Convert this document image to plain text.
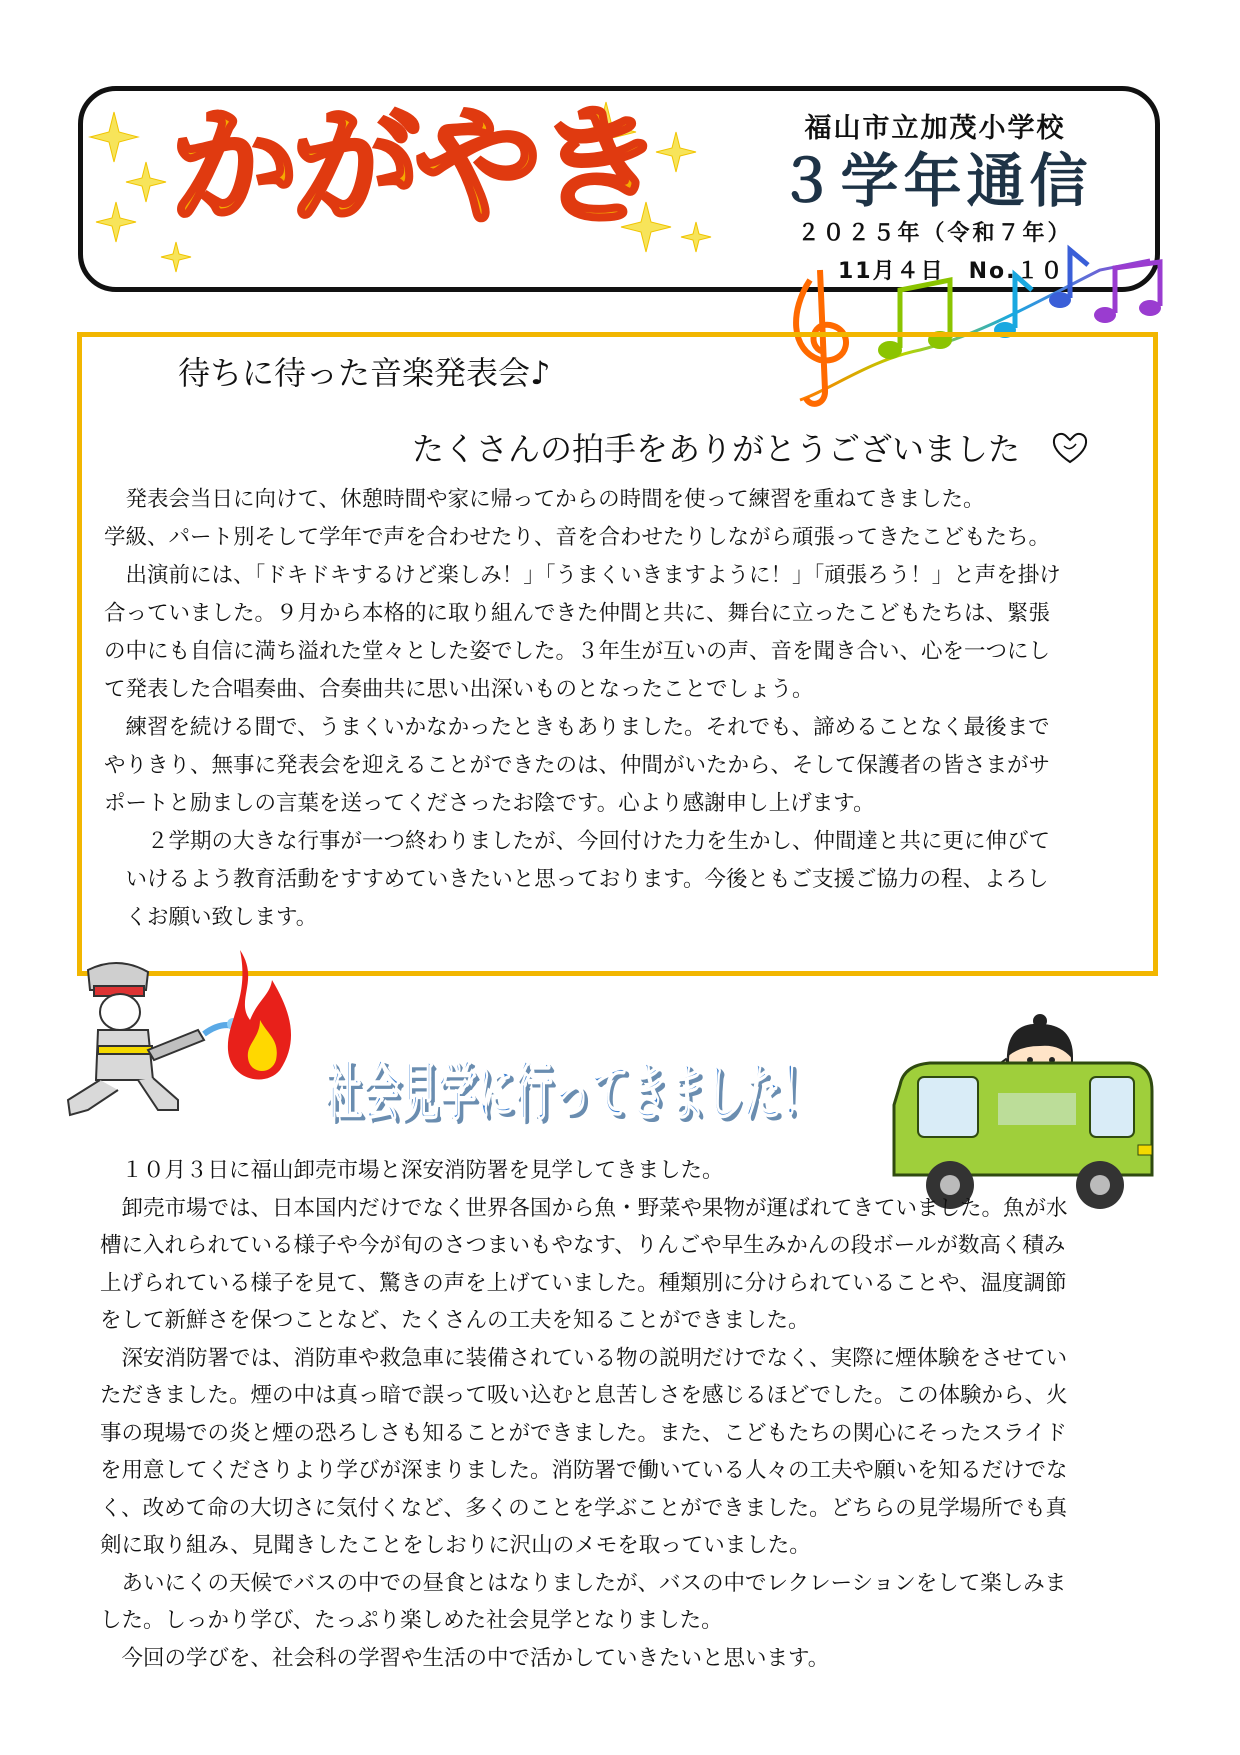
かがやき	福山市立加茂小学校
３学年通信
２０２５年（令和７年）
11月４日　No.１０
待ちに待った音楽発表会♪
たくさんの拍手をありがとうございました
　発表会当日に向けて、休憩時間や家に帰ってからの時間を使って練習を重ねてきました。
学級、パート別そして学年で声を合わせたり、音を合わせたりしながら頑張ってきたこどもたち。
　出演前には、「ドキドキするけど楽しみ！」「うまくいきますように！」「頑張ろう！」と声を掛け
合っていました。９月から本格的に取り組んできた仲間と共に、舞台に立ったこどもたちは、緊張
の中にも自信に満ち溢れた堂々とした姿でした。３年生が互いの声、音を聞き合い、心を一つにし
て発表した合唱奏曲、合奏曲共に思い出深いものとなったことでしょう。
　練習を続ける間で、うまくいかなかったときもありました。それでも、諦めることなく最後まで
やりきり、無事に発表会を迎えることができたのは、仲間がいたから、そして保護者の皆さまがサ
ポートと励ましの言葉を送ってくださったお陰です。心より感謝申し上げます。
　　２学期の大きな行事が一つ終わりましたが、今回付けた力を生かし、仲間達と共に更に伸びて
　いけるよう教育活動をすすめていきたいと思っております。今後ともご支援ご協力の程、よろし
　くお願い致します。
社会見学に行ってきました！
社会見学に行ってきました！
　１０月３日に福山卸売市場と深安消防署を見学してきました。
　卸売市場では、日本国内だけでなく世界各国から魚・野菜や果物が運ばれてきていました。魚が水
槽に入れられている様子や今が旬のさつまいもやなす、りんごや早生みかんの段ボールが数高く積み
上げられている様子を見て、驚きの声を上げていました。種類別に分けられていることや、温度調節
をして新鮮さを保つことなど、たくさんの工夫を知ることができました。
　深安消防署では、消防車や救急車に装備されている物の説明だけでなく、実際に煙体験をさせてい
ただきました。煙の中は真っ暗で誤って吸い込むと息苦しさを感じるほどでした。この体験から、火
事の現場での炎と煙の恐ろしさも知ることができました。また、こどもたちの関心にそったスライド
を用意してくださりより学びが深まりました。消防署で働いている人々の工夫や願いを知るだけでな
く、改めて命の大切さに気付くなど、多くのことを学ぶことができました。どちらの見学場所でも真
剣に取り組み、見聞きしたことをしおりに沢山のメモを取っていました。
　あいにくの天候でバスの中での昼食とはなりましたが、バスの中でレクレーションをして楽しみま
した。しっかり学び、たっぷり楽しめた社会見学となりました。
　今回の学びを、社会科の学習や生活の中で活かしていきたいと思います。
